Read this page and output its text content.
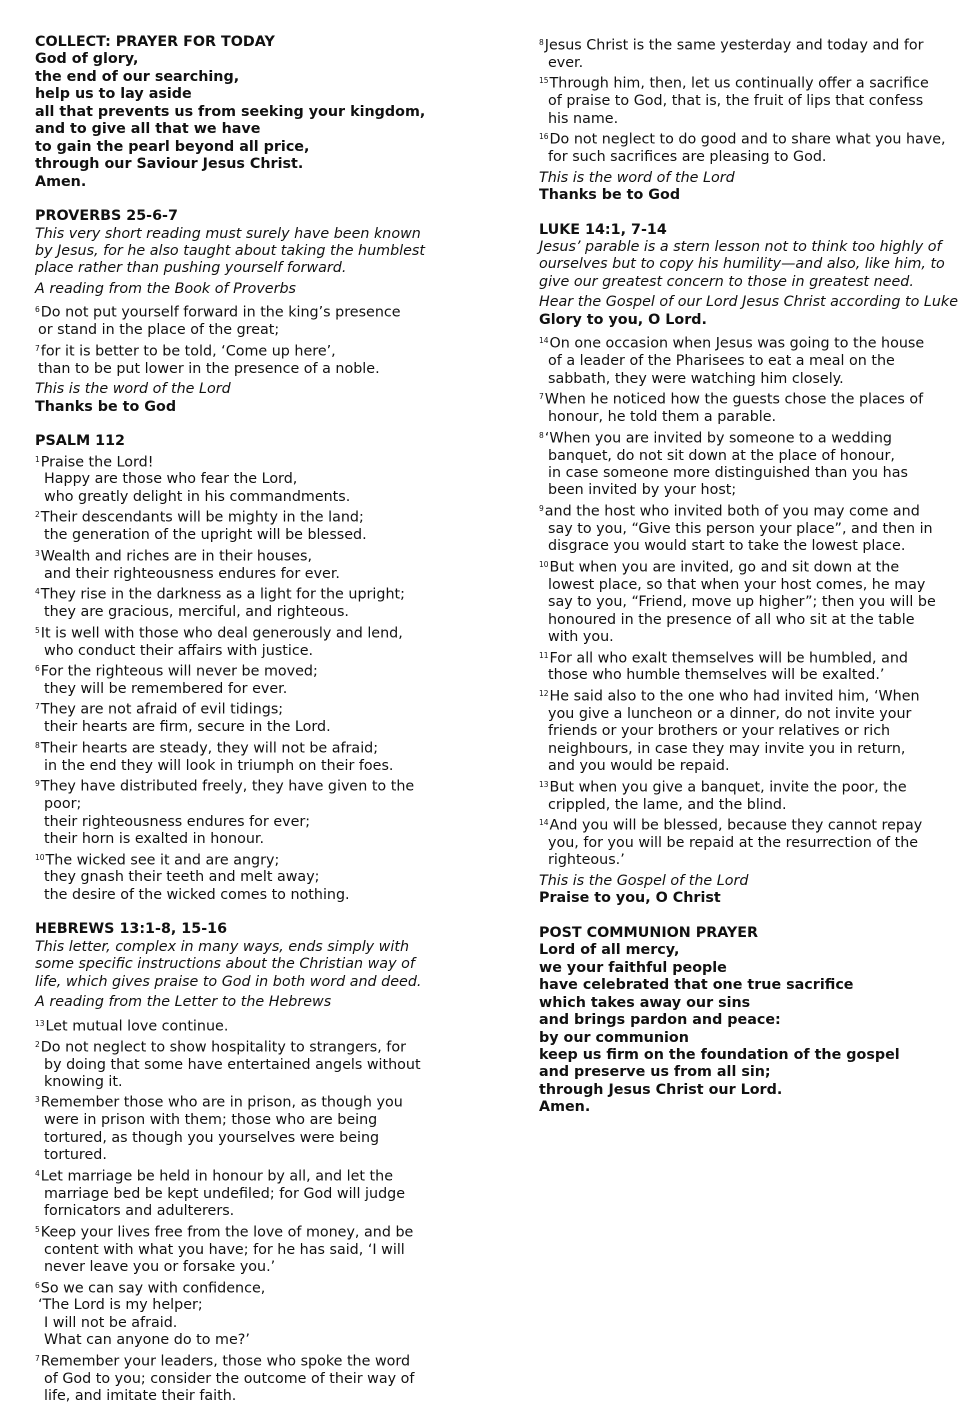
COLLECT: PRAYER FOR TODAY
God of glory,
the end of our searching,
help us to lay aside
all that prevents us from seeking your kingdom,
and to give all that we have
to gain the pearl beyond all price,
through our Saviour Jesus Christ.
Amen.
PROVERBS 25-6-7
This very short reading must surely have been known
by Jesus, for he also taught about taking the humblest
place rather than pushing yourself forward.
A reading from the Book of Proverbs
$^6$Do not put yourself forward in the king’s presence
or stand in the place of the great;
$^7$for it is better to be told, ‘Come up here’,
than to be put lower in the presence of a noble.
This is the word of the Lord
Thanks be to God
PSALM 112
$^1$Praise the Lord!
Happy are those who fear the Lord,
who greatly delight in his commandments.
$^2$Their descendants will be mighty in the land;
the generation of the upright will be blessed.
$^3$Wealth and riches are in their houses,
and their righteousness endures for ever.
$^4$They rise in the darkness as a light for the upright;
they are gracious, merciful, and righteous.
$^5$It is well with those who deal generously and lend,
who conduct their affairs with justice.
$^6$For the righteous will never be moved;
they will be remembered for ever.
$^7$They are not afraid of evil tidings;
their hearts are firm, secure in the Lord.
$^8$Their hearts are steady, they will not be afraid;
in the end they will look in triumph on their foes.
$^9$They have distributed freely, they have given to the
poor;
their righteousness endures for ever;
their horn is exalted in honour.
$^{10}$The wicked see it and are angry;
they gnash their teeth and melt away;
the desire of the wicked comes to nothing.
HEBREWS 13:1-8, 15-16
This letter, complex in many ways, ends simply with
some specific instructions about the Christian way of
life, which gives praise to God in both word and deed.
A reading from the Letter to the Hebrews
$^{13}$Let mutual love continue.
$^2$Do not neglect to show hospitality to strangers, for
by doing that some have entertained angels without
knowing it.
$^3$Remember those who are in prison, as though you
were in prison with them; those who are being
tortured, as though you yourselves were being
tortured.
$^4$Let marriage be held in honour by all, and let the
marriage bed be kept undefiled; for God will judge
fornicators and adulterers.
$^5$Keep your lives free from the love of money, and be
content with what you have; for he has said, ‘I will
never leave you or forsake you.’
$^6$So we can say with confidence,
‘The Lord is my helper;
I will not be afraid.
What can anyone do to me?’
$^7$Remember your leaders, those who spoke the word
of God to you; consider the outcome of their way of
life, and imitate their faith.
$^8$Jesus Christ is the same yesterday and today and for
ever.
$^{15}$Through him, then, let us continually offer a sacrifice
of praise to God, that is, the fruit of lips that confess
his name.
$^{16}$Do not neglect to do good and to share what you have,
for such sacrifices are pleasing to God.
This is the word of the Lord
Thanks be to God
LUKE 14:1, 7-14
Jesus’ parable is a stern lesson not to think too highly of
ourselves but to copy his humility—and also, like him, to
give our greatest concern to those in greatest need.
Hear the Gospel of our Lord Jesus Christ according to Luke
Glory to you, O Lord.
$^{14}$On one occasion when Jesus was going to the house
of a leader of the Pharisees to eat a meal on the
sabbath, they were watching him closely.
$^7$When he noticed how the guests chose the places of
honour, he told them a parable.
$^8$‘When you are invited by someone to a wedding
banquet, do not sit down at the place of honour,
in case someone more distinguished than you has
been invited by your host;
$^9$and the host who invited both of you may come and
say to you, “Give this person your place”, and then in
disgrace you would start to take the lowest place.
$^{10}$But when you are invited, go and sit down at the
lowest place, so that when your host comes, he may
say to you, “Friend, move up higher”; then you will be
honoured in the presence of all who sit at the table
with you.
$^{11}$For all who exalt themselves will be humbled, and
those who humble themselves will be exalted.’
$^{12}$He said also to the one who had invited him, ‘When
you give a luncheon or a dinner, do not invite your
friends or your brothers or your relatives or rich
neighbours, in case they may invite you in return,
and you would be repaid.
$^{13}$But when you give a banquet, invite the poor, the
crippled, the lame, and the blind.
$^{14}$And you will be blessed, because they cannot repay
you, for you will be repaid at the resurrection of the
righteous.’
This is the Gospel of the Lord
Praise to you, O Christ
POST COMMUNION PRAYER
Lord of all mercy,
we your faithful people
have celebrated that one true sacrifice
which takes away our sins
and brings pardon and peace:
by our communion
keep us firm on the foundation of the gospel
and preserve us from all sin;
through Jesus Christ our Lord.
Amen.
